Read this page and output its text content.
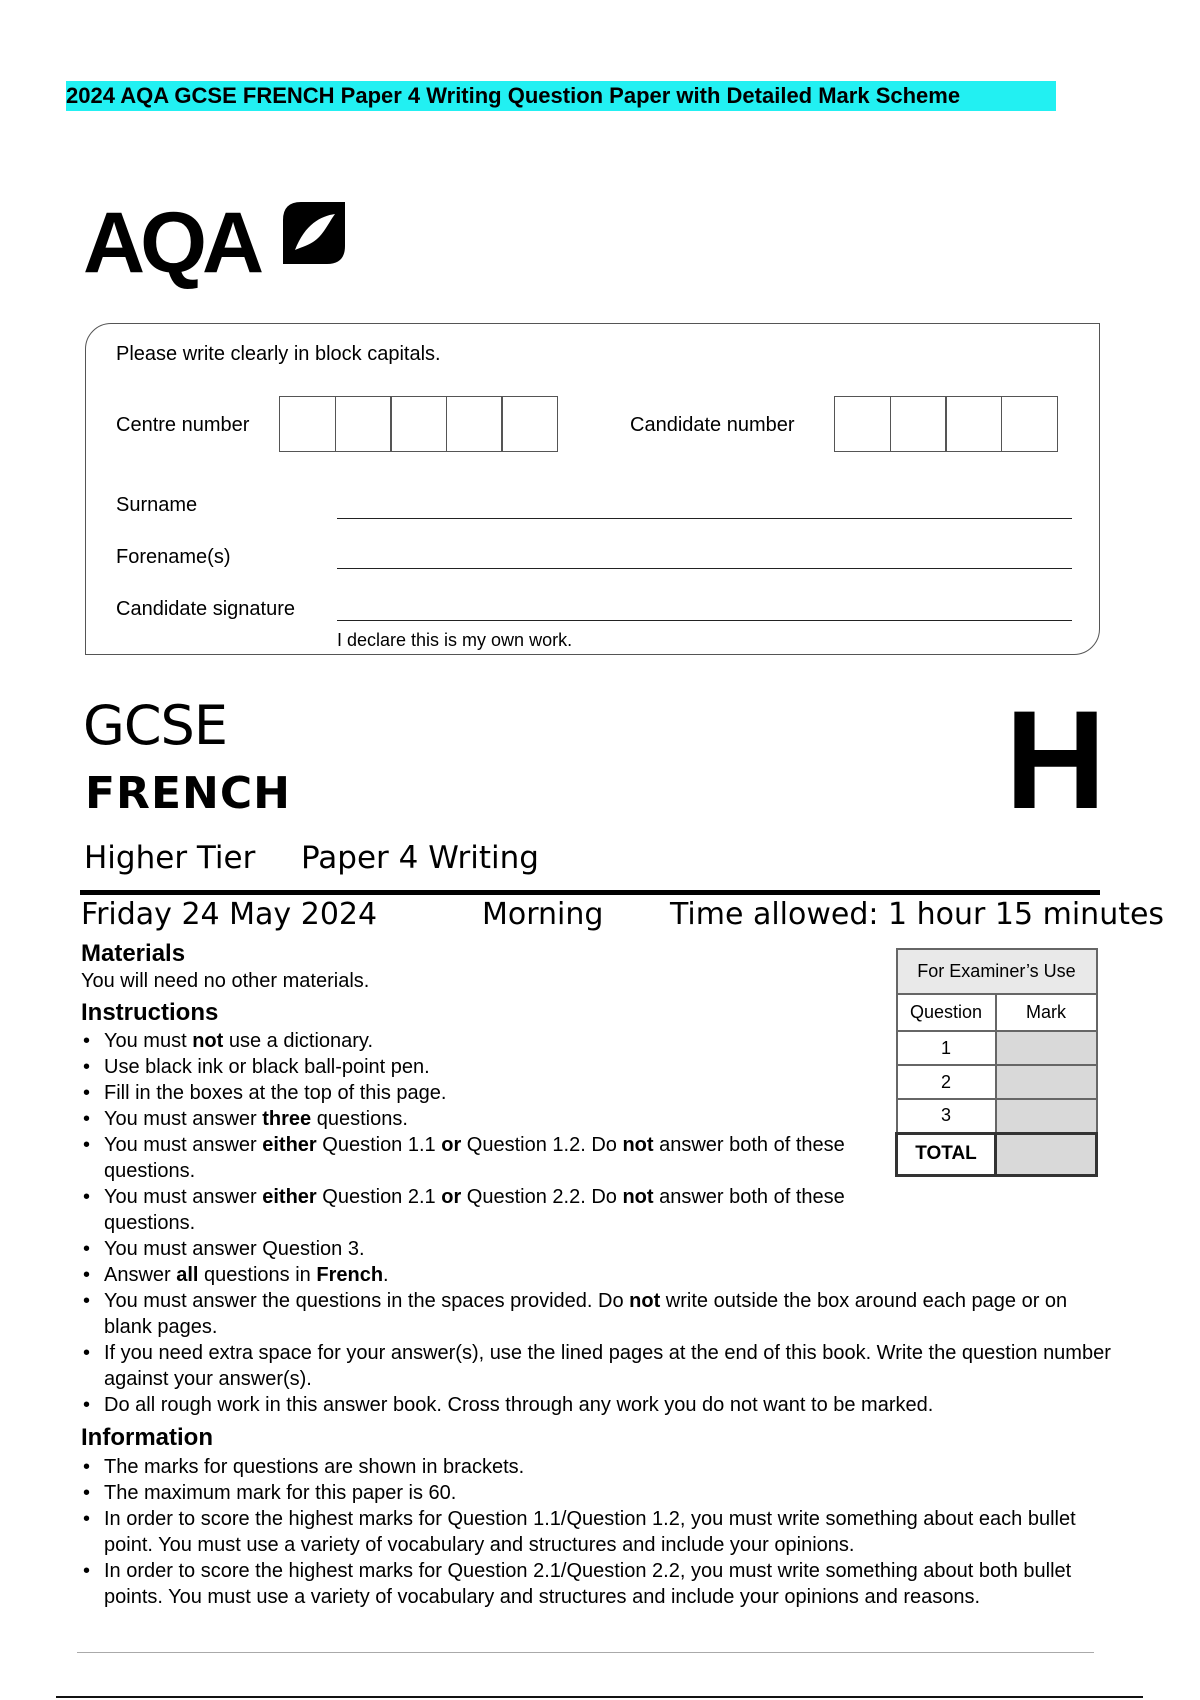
2024 AQA GCSE FRENCH Paper 4 Writing Question Paper with Detailed Mark Scheme
AQA
Please write clearly in block capitals.
Centre number	Candidate number
Surname
Forename(s)
Candidate signature
I declare this is my own work.
GCSE
FRENCH	H
Higher Tier Paper 4 Writing
Friday 24 May 2024	Morning Time allowed: 1 hour 15 minutes
Materials
You will need no other materials.
Instructions
• You must not use a dictionary.
• Use black ink or black ball-point pen.
• Fill in the boxes at the top of this page.
• You must answer three questions.
• You must answer either Question 1.1 or Question 1.2. Do not answer both of these questions.
• You must answer either Question 2.1 or Question 2.2. Do not answer both of these questions.
• You must answer Question 3.
• Answer all questions in French.
• You must answer the questions in the spaces provided. Do not write outside the box around each page or on blank pages.
• If you need extra space for your answer(s), use the lined pages at the end of this book. Write the question number against your answer(s).
• Do all rough work in this answer book. Cross through any work you do not want to be marked.
Information
• The marks for questions are shown in brackets.
• The maximum mark for this paper is 60.
• In order to score the highest marks for Question 1.1/Question 1.2, you must write something about each bullet point. You must use a variety of vocabulary and structures and include your opinions.
• In order to score the highest marks for Question 2.1/Question 2.2, you must write something about both bullet points. You must use a variety of vocabulary and structures and include your opinions and reasons.
For Examiner’s Use	
Question	Mark
1	
2	
3	
TOTAL	
